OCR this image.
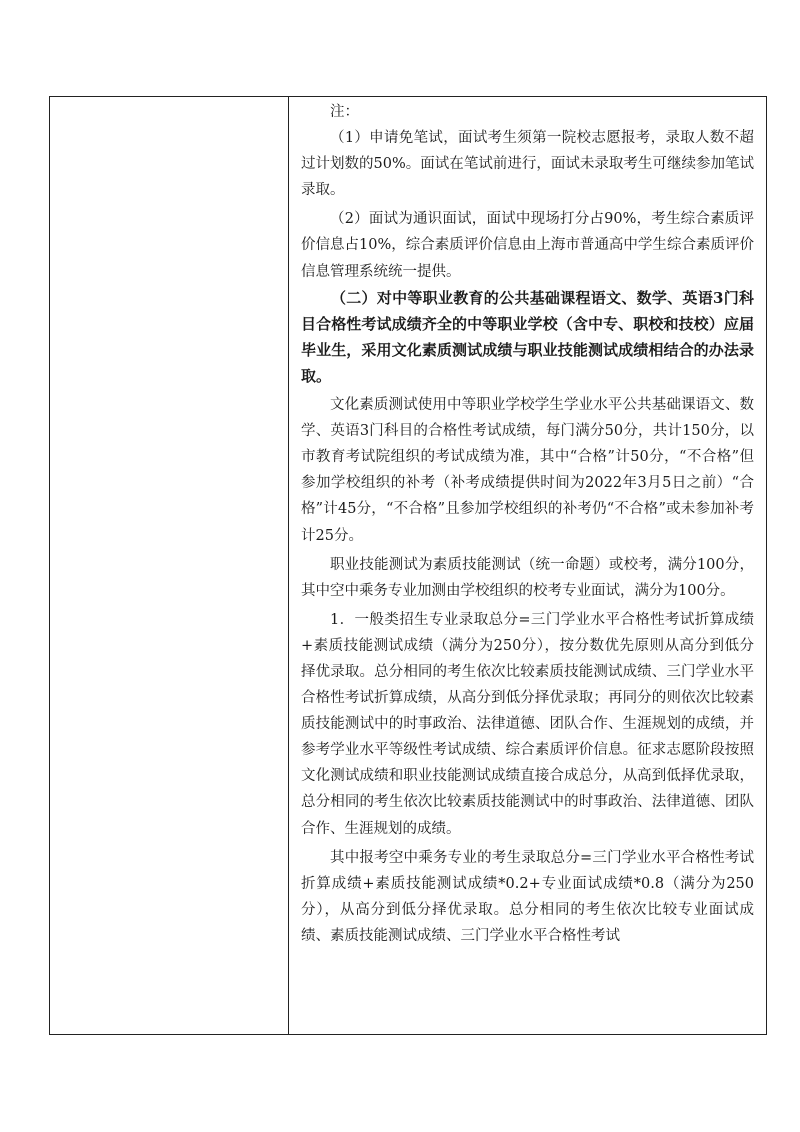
注：

（1）申请免笔试，面试考生须第一院校志愿报考，录取人数不超过计划数的50%。面试在笔试前进行，面试未录取考生可继续参加笔试录取。

（2）面试为通识面试，面试中现场打分占90%，考生综合素质评价信息占10%，综合素质评价信息由上海市普通高中学生综合素质评价信息管理系统统一提供。

（二）对中等职业教育的公共基础课程语文、数学、英语3门科目合格性考试成绩齐全的中等职业学校（含中专、职校和技校）应届毕业生，采用文化素质测试成绩与职业技能测试成绩相结合的办法录取。

文化素质测试使用中等职业学校学生学业水平公共基础课语文、数学、英语3门科目的合格性考试成绩，每门满分50分，共计150分，以市教育考试院组织的考试成绩为准，其中“合格”计50分，“不合格”但参加学校组织的补考（补考成绩提供时间为2022年3月5日之前）“合格”计45分，“不合格”且参加学校组织的补考仍“不合格”或未参加补考计25分。

职业技能测试为素质技能测试（统一命题）或校考，满分100分，其中空中乘务专业加测由学校组织的校考专业面试，满分为100分。

1．一般类招生专业录取总分=三门学业水平合格性考试折算成绩+素质技能测试成绩（满分为250分），按分数优先原则从高分到低分择优录取。总分相同的考生依次比较素质技能测试成绩、三门学业水平合格性考试折算成绩，从高分到低分择优录取；再同分的则依次比较素质技能测试中的时事政治、法律道德、团队合作、生涯规划的成绩，并参考学业水平等级性考试成绩、综合素质评价信息。征求志愿阶段按照文化测试成绩和职业技能测试成绩直接合成总分，从高到低择优录取，总分相同的考生依次比较素质技能测试中的时事政治、法律道德、团队合作、生涯规划的成绩。

其中报考空中乘务专业的考生录取总分=三门学业水平合格性考试折算成绩+素质技能测试成绩*0.2+专业面试成绩*0.8（满分为250分），从高分到低分择优录取。总分相同的考生依次比较专业面试成绩、素质技能测试成绩、三门学业水平合格性考试
